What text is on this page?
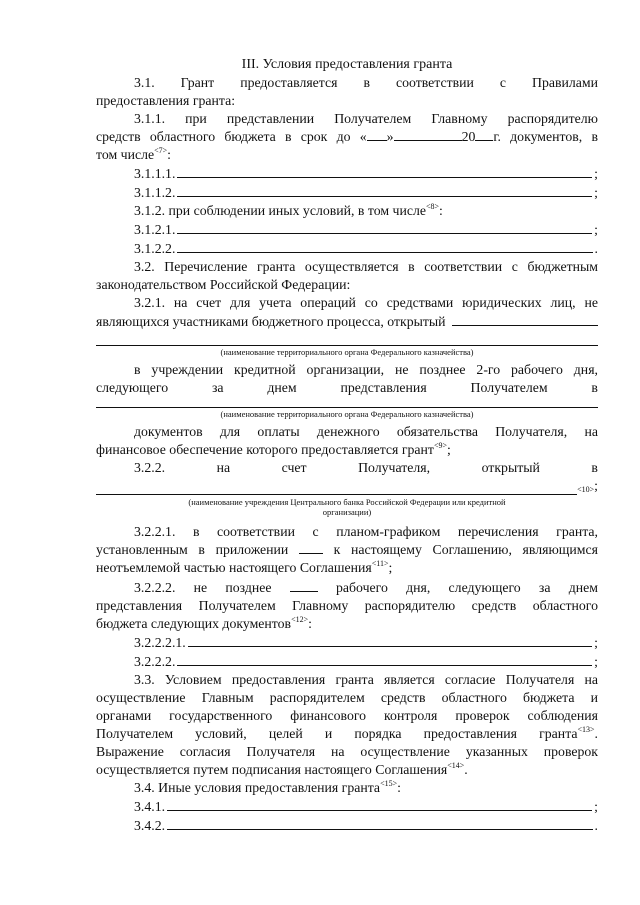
III. Условия предоставления гранта

3.1. Грант предоставляется в соответствии с Правилами

предоставления гранта:

3.1.1. при представлении Получателем Главному распорядителю

средств областного бюджета в срок до « »	20 г. документов, в

том числе$^{<7>}$:

3.1.1.1.	;
3.1.1.2.	;

3.1.2. при соблюдении иных условий, в том числе$^{<8>}$:

3.1.2.1.	;
3.1.2.2.	.

3.2. Перечисление гранта осуществляется в соответствии с бюджетным

законодательством Российской Федерации:

3.2.1. на счет для учета операций со средствами юридических лиц, не

являющихся участниками бюджетного процесса, открытый

(наименование территориального органа Федерального казначейства)

в учреждении кредитной организации, не позднее 2-го рабочего дня,

следующего	за	днем	представления	Получателем	в

(наименование территориального органа Федерального казначейства)

документов для оплаты денежного обязательства Получателя, на

финансовое обеспечение которого предоставляется грант$^{<9>}$;

3.2.2.	на	счет	Получателя,	открытый	в
<10> ;

(наименование учреждения Центрального банка Российской Федерации или кредитной

организации)

3.2.2.1. в соответствии с планом-графиком перечисления гранта,

установленным в приложении	к настоящему Соглашению, являющимся

неотъемлемой частью настоящего Соглашения$^{<11>}$;

3.2.2.2. не позднее	рабочего дня, следующего за днем

представления Получателем Главному распорядителю средств областного

бюджета следующих документов$^{<12>}$:

3.2.2.2.1.	;
3.2.2.2.	;

3.3. Условием предоставления гранта является согласие Получателя на

осуществление Главным распорядителем средств областного бюджета и

органами государственного финансового контроля проверок соблюдения

Получателем условий, целей и порядка предоставления гранта$^{<13>}$.

Выражение согласия Получателя на осуществление указанных проверок

осуществляется путем подписания настоящего Соглашения$^{<14>}$.

3.4. Иные условия предоставления гранта$^{<15>}$:

3.4.1.	;
3.4.2.	.
